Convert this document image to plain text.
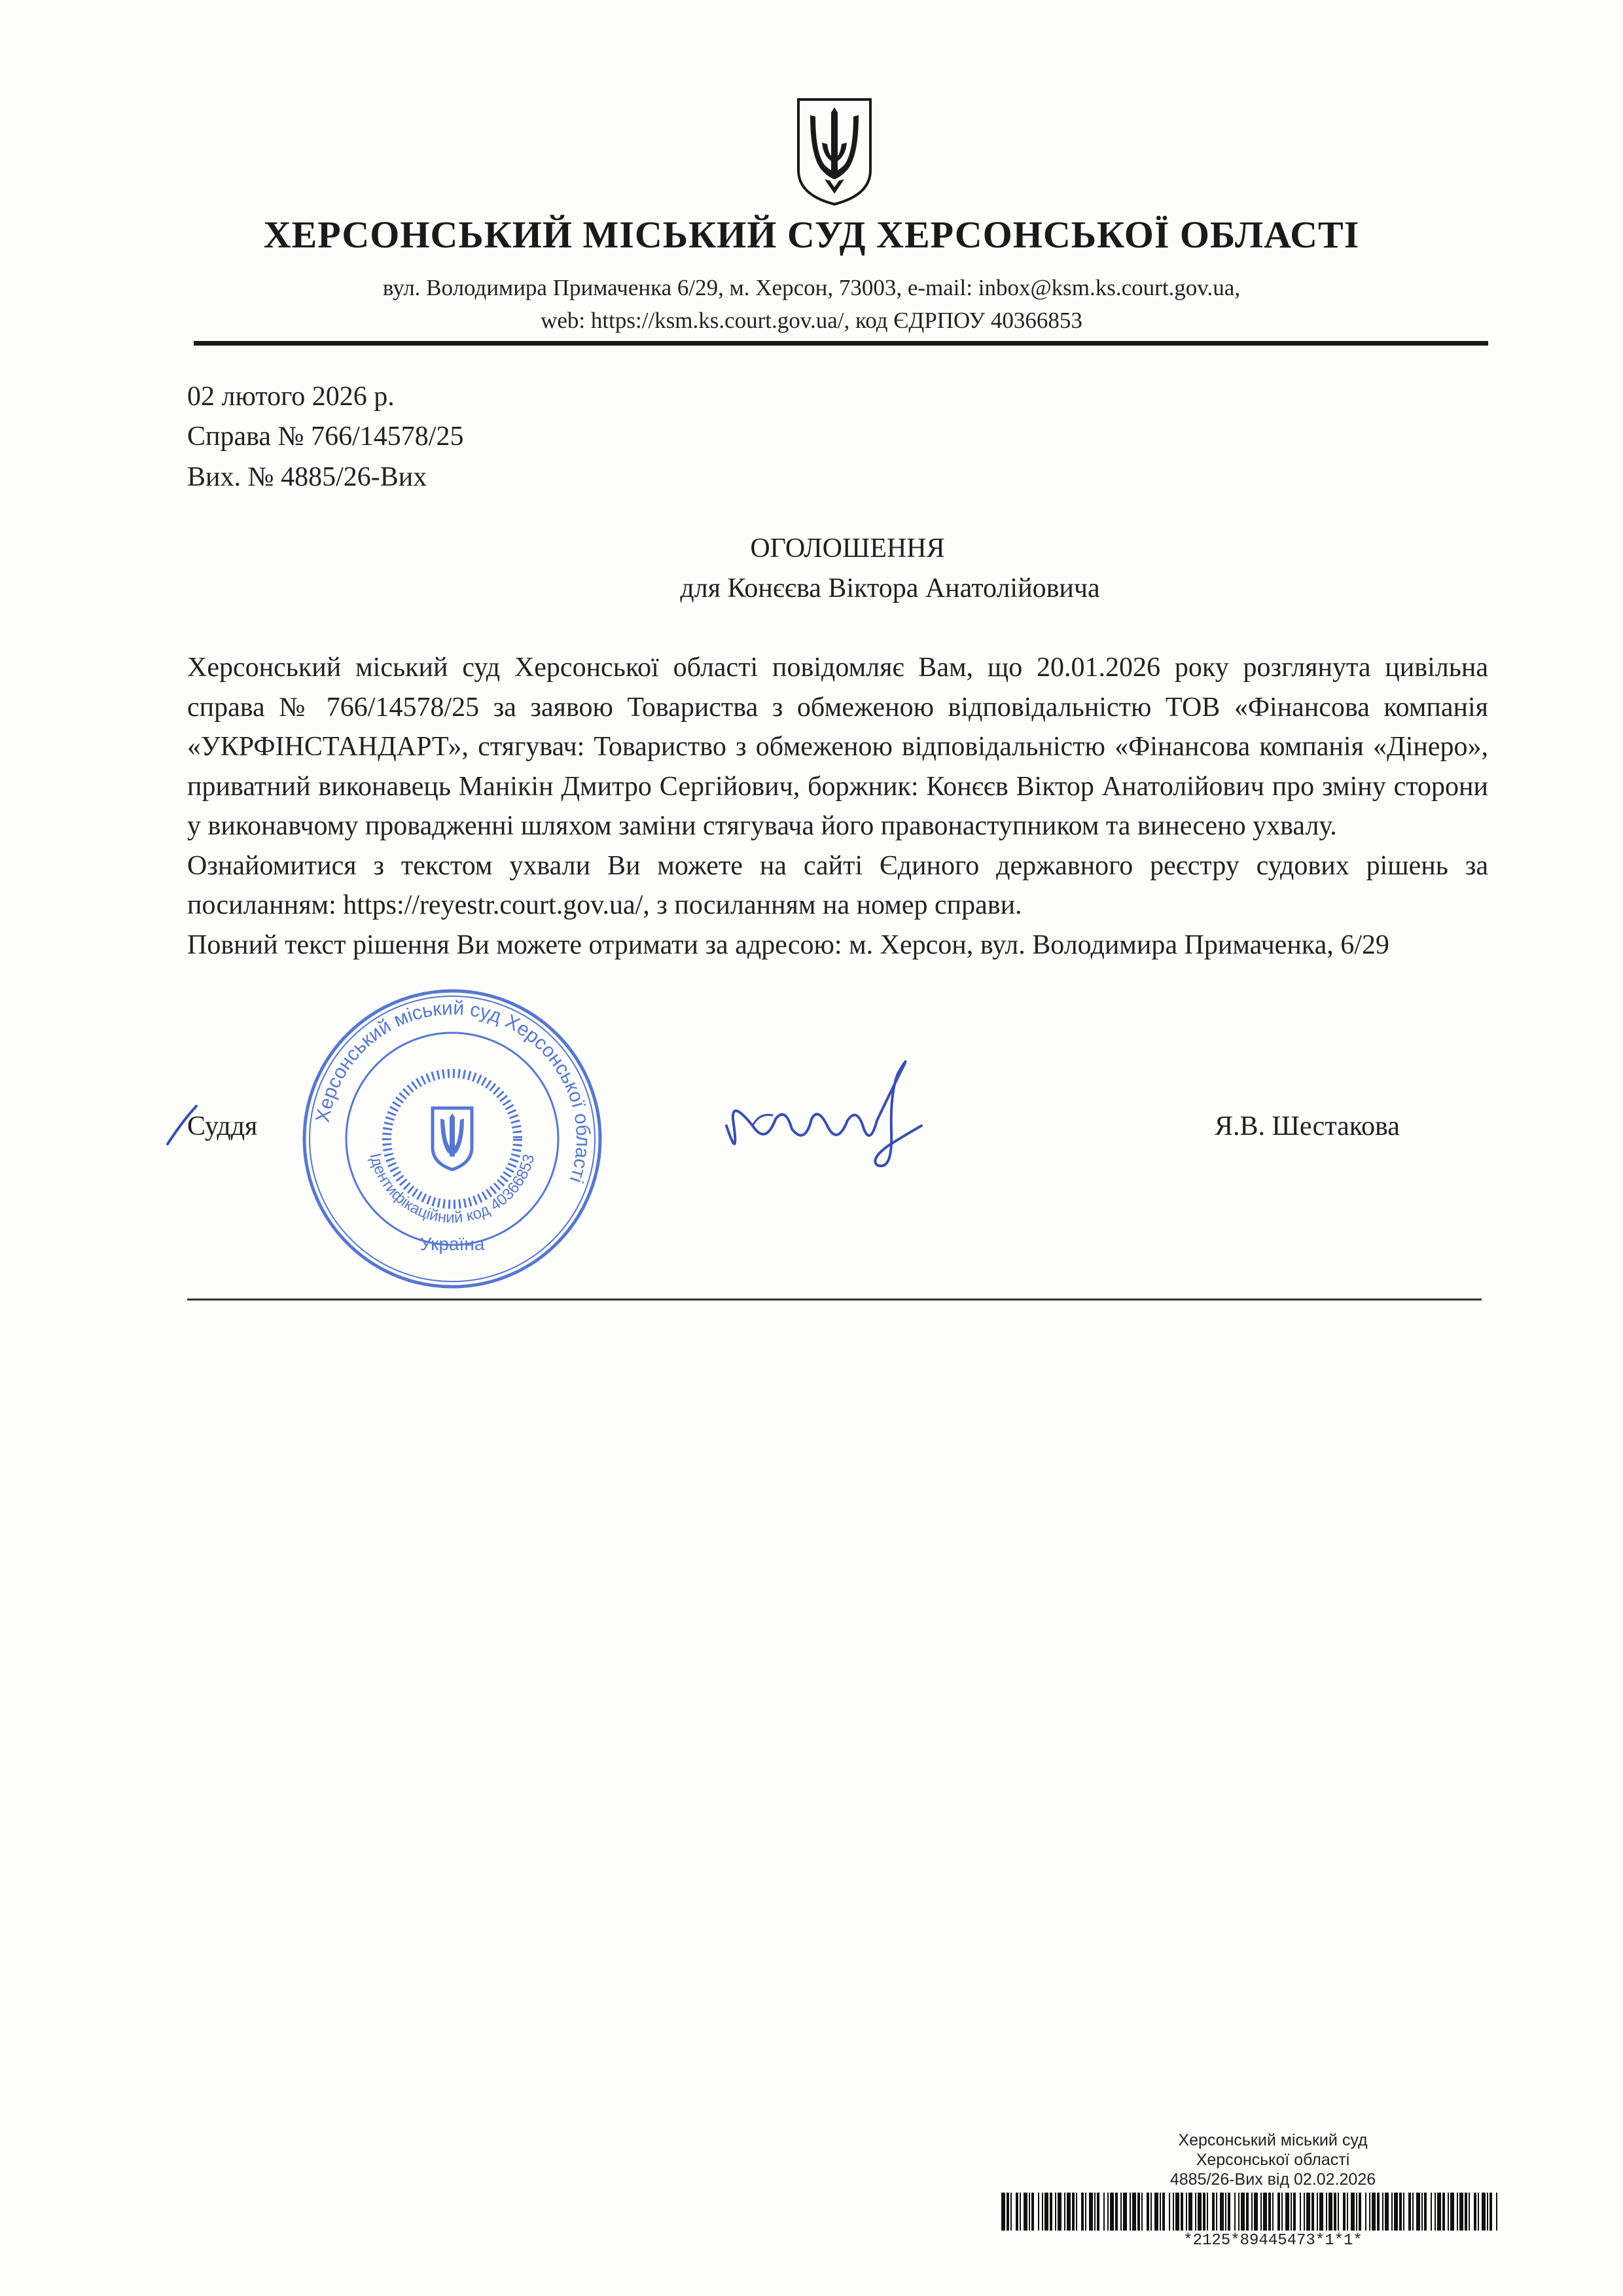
ХЕРСОНСЬКИЙ МІСЬКИЙ СУД ХЕРСОНСЬКОЇ ОБЛАСТІ
вул. Володимира Примаченка 6/29, м. Херсон, 73003, e-mail: inbox@ksm.ks.court.gov.ua,
web: https://ksm.ks.court.gov.ua/, код ЄДРПОУ 40366853
02 лютого 2026 р.
Справа № 766/14578/25
Вих. № 4885/26-Вих
ОГОЛОШЕННЯ
для Конєєва Віктора Анатолійовича

Херсонський міський суд Херсонської області повідомляє Вам, що 20.01.2026 року розглянута цивільна справа № 766/14578/25 за заявою Товариства з обмеженою відповідальністю ТОВ «Фінансова компанія «УКРФІНСТАНДАРТ», стягувач: Товариство з обмеженою відповідальністю «Фінансова компанія «Дінеро», приватний виконавець Манікін Дмитро Сергійович, боржник: Конєєв Віктор Анатолійович про зміну сторони у виконавчому провадженні шляхом заміни стягувача його правонаступником та винесено ухвалу.

Ознайомитися з текстом ухвали Ви можете на сайті Єдиного державного реєстру судових рішень за посиланням: https://reyestr.court.gov.ua/, з посиланням на номер справи.

Повний текст рішення Ви можете отримати за адресою: м. Херсон, вул. Володимира Примаченка, 6/29

Херсонський міський суд Херсонської області
Ідентифікаційний код 40366853
Україна
Суддя	Я.В. Шестакова
Херсонський міський суд
Херсонської області
4885/26-Вих від 02.02.2026
*2125*89445473*1*1*
